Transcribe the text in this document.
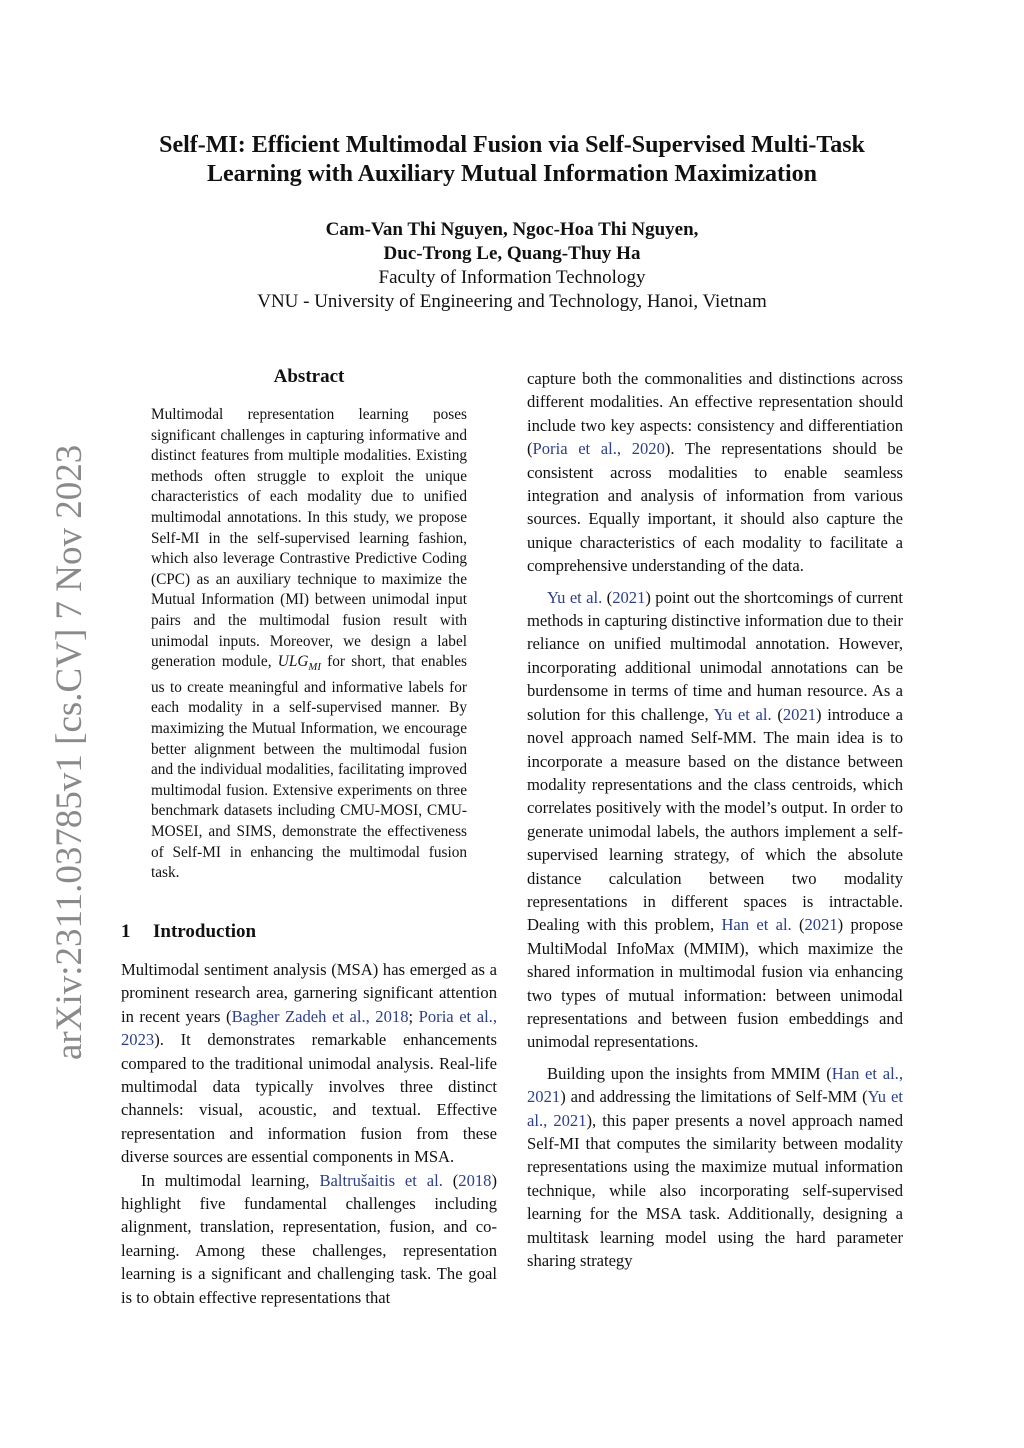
arXiv:2311.03785v1 [cs.CV] 7 Nov 2023
Self-MI: Efficient Multimodal Fusion via Self-Supervised Multi-Task
Learning with Auxiliary Mutual Information Maximization
Cam-Van Thi Nguyen, Ngoc-Hoa Thi Nguyen,
Duc-Trong Le, Quang-Thuy Ha
Faculty of Information Technology
VNU - University of Engineering and Technology, Hanoi, Vietnam
Abstract
Multimodal representation learning poses significant challenges in capturing informative and distinct features from multiple modalities. Existing methods often struggle to exploit the unique characteristics of each modality due to unified multimodal annotations. In this study, we propose Self-MI in the self-supervised learning fashion, which also leverage Contrastive Predictive Coding (CPC) as an auxiliary technique to maximize the Mutual Information (MI) between unimodal input pairs and the multimodal fusion result with unimodal inputs. Moreover, we design a label generation module, $ULG_{MI}$ for short, that enables us to create meaningful and informative labels for each modality in a self-supervised manner. By maximizing the Mutual Information, we encourage better alignment between the multimodal fusion and the individual modalities, facilitating improved multimodal fusion. Extensive experiments on three benchmark datasets including CMU-MOSI, CMU-MOSEI, and SIMS, demonstrate the effectiveness of Self-MI in enhancing the multimodal fusion task.
1 Introduction

Multimodal sentiment analysis (MSA) has emerged as a prominent research area, garnering significant attention in recent years (Bagher Zadeh et al., 2018; Poria et al., 2023). It demonstrates remarkable enhancements compared to the traditional unimodal analysis. Real-life multimodal data typically involves three distinct channels: visual, acoustic, and textual. Effective representation and information fusion from these diverse sources are essential components in MSA.

In multimodal learning, Baltrušaitis et al. (2018) highlight five fundamental challenges including alignment, translation, representation, fusion, and co-learning. Among these challenges, representation learning is a significant and challenging task. The goal is to obtain effective representations that

capture both the commonalities and distinctions across different modalities. An effective representation should include two key aspects: consistency and differentiation (Poria et al., 2020). The representations should be consistent across modalities to enable seamless integration and analysis of information from various sources. Equally important, it should also capture the unique characteristics of each modality to facilitate a comprehensive understanding of the data.

Yu et al. (2021) point out the shortcomings of current methods in capturing distinctive information due to their reliance on unified multimodal annotation. However, incorporating additional unimodal annotations can be burdensome in terms of time and human resource. As a solution for this challenge, Yu et al. (2021) introduce a novel approach named Self-MM. The main idea is to incorporate a measure based on the distance between modality representations and the class centroids, which correlates positively with the model’s output. In order to generate unimodal labels, the authors implement a self-supervised learning strategy, of which the absolute distance calculation between two modality representations in different spaces is intractable. Dealing with this problem, Han et al. (2021) propose MultiModal InfoMax (MMIM), which maximize the shared information in multimodal fusion via enhancing two types of mutual information: between unimodal representations and between fusion embeddings and unimodal representations.

Building upon the insights from MMIM (Han et al., 2021) and addressing the limitations of Self-MM (Yu et al., 2021), this paper presents a novel approach named Self-MI that computes the similarity between modality representations using the maximize mutual information technique, while also incorporating self-supervised learning for the MSA task. Additionally, designing a multitask learning model using the hard parameter sharing strategy
